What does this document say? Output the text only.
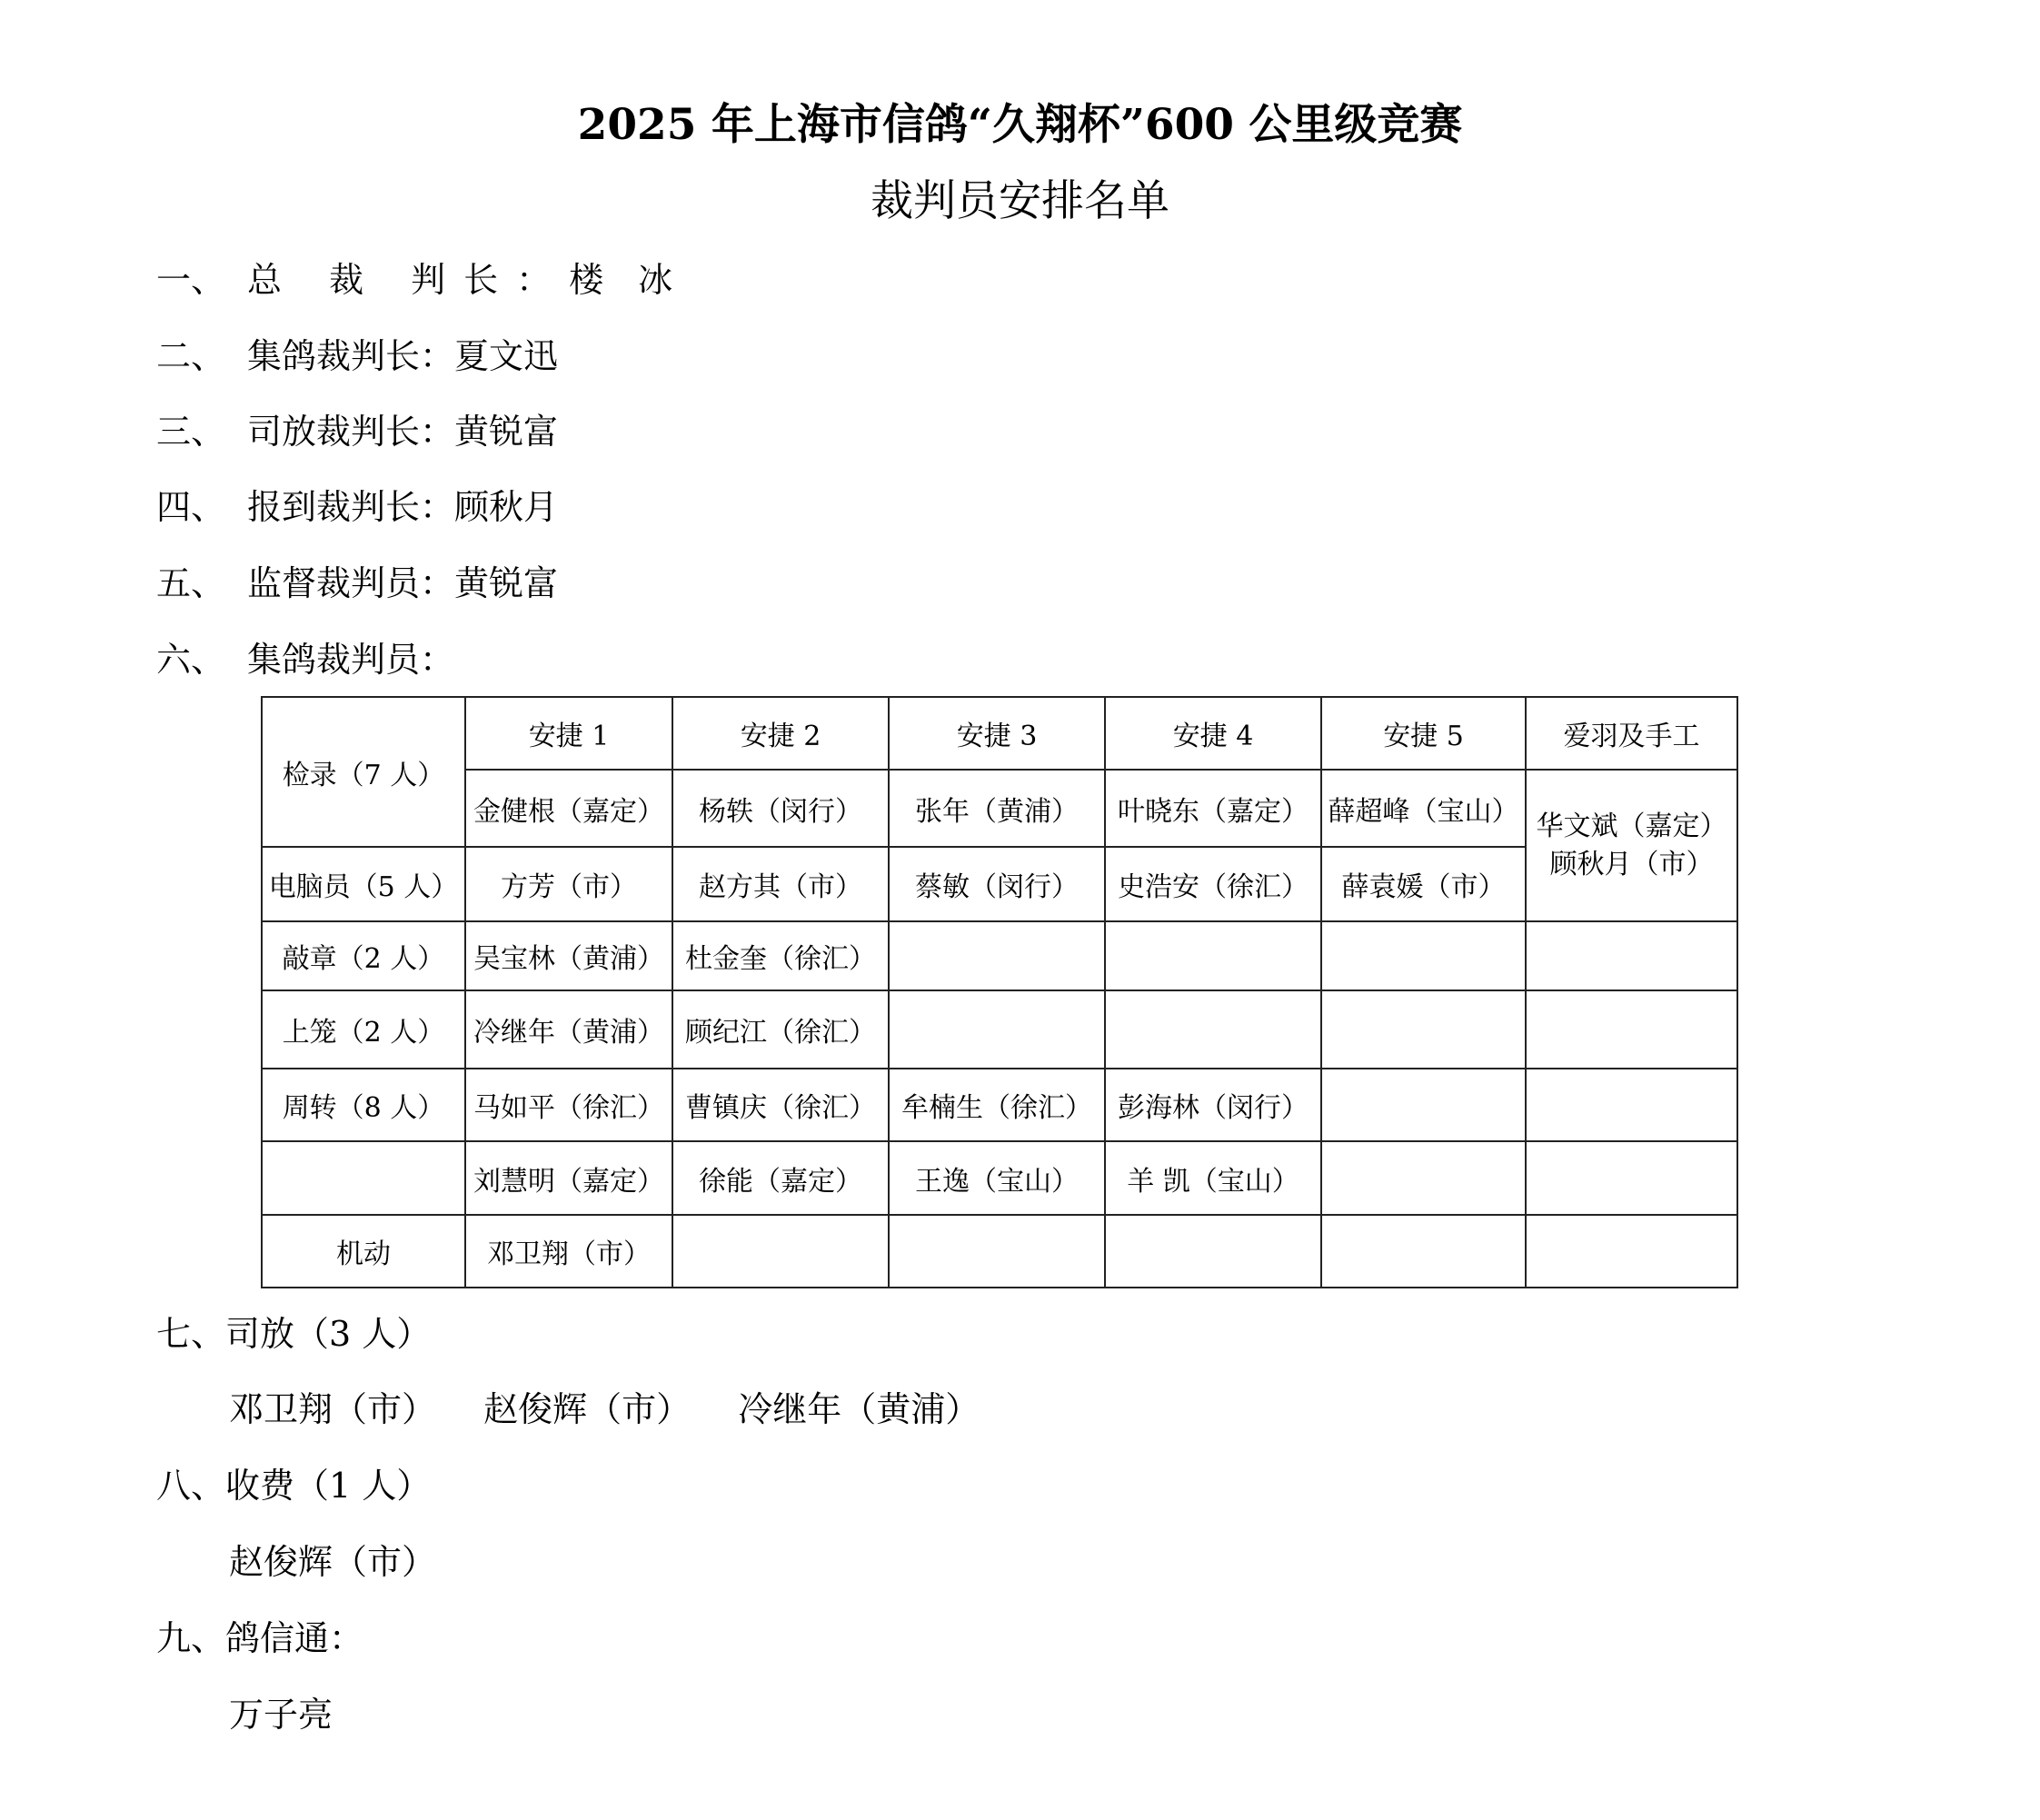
2025 年上海市信鸽“久翔杯”600 公里级竞赛
裁判员安排名单
一、 总 裁 判长：楼　冰
二、 集鸽裁判长：夏文迅
三、 司放裁判长：黄锐富
四、 报到裁判长：顾秋月
五、 监督裁判员：黄锐富
六、 集鸽裁判员：
检录（7 人）	安捷 1	安捷 2	安捷 3	安捷 4	安捷 5	爱羽及手工
	金健根（嘉定）	杨轶（闵行）	张年（黄浦）	叶晓东（嘉定）	薛超峰（宝山）	华文斌（嘉定）
顾秋月（市）

电脑员（5 人）	方芳（市）	赵方其（市）	蔡敏（闵行）	史浩安（徐汇）	薛袁媛（市）	
敲章（2 人）	吴宝林（黄浦）	杜金奎（徐汇）				
上笼（2 人）	冷继年（黄浦）	顾纪江（徐汇）				
周转（8 人）	马如平（徐汇）	曹镇庆（徐汇）	牟楠生（徐汇）	彭海林（闵行）		
	刘慧明（嘉定）	徐能（嘉定）	王逸（宝山）	羊 凯（宝山）		
机动	邓卫翔（市）					
七、司放（3 人）
邓卫翔（市） 赵俊辉（市） 冷继年（黄浦）
八、收费（1 人）
赵俊辉（市）
九、鸽信通：
万子亮
